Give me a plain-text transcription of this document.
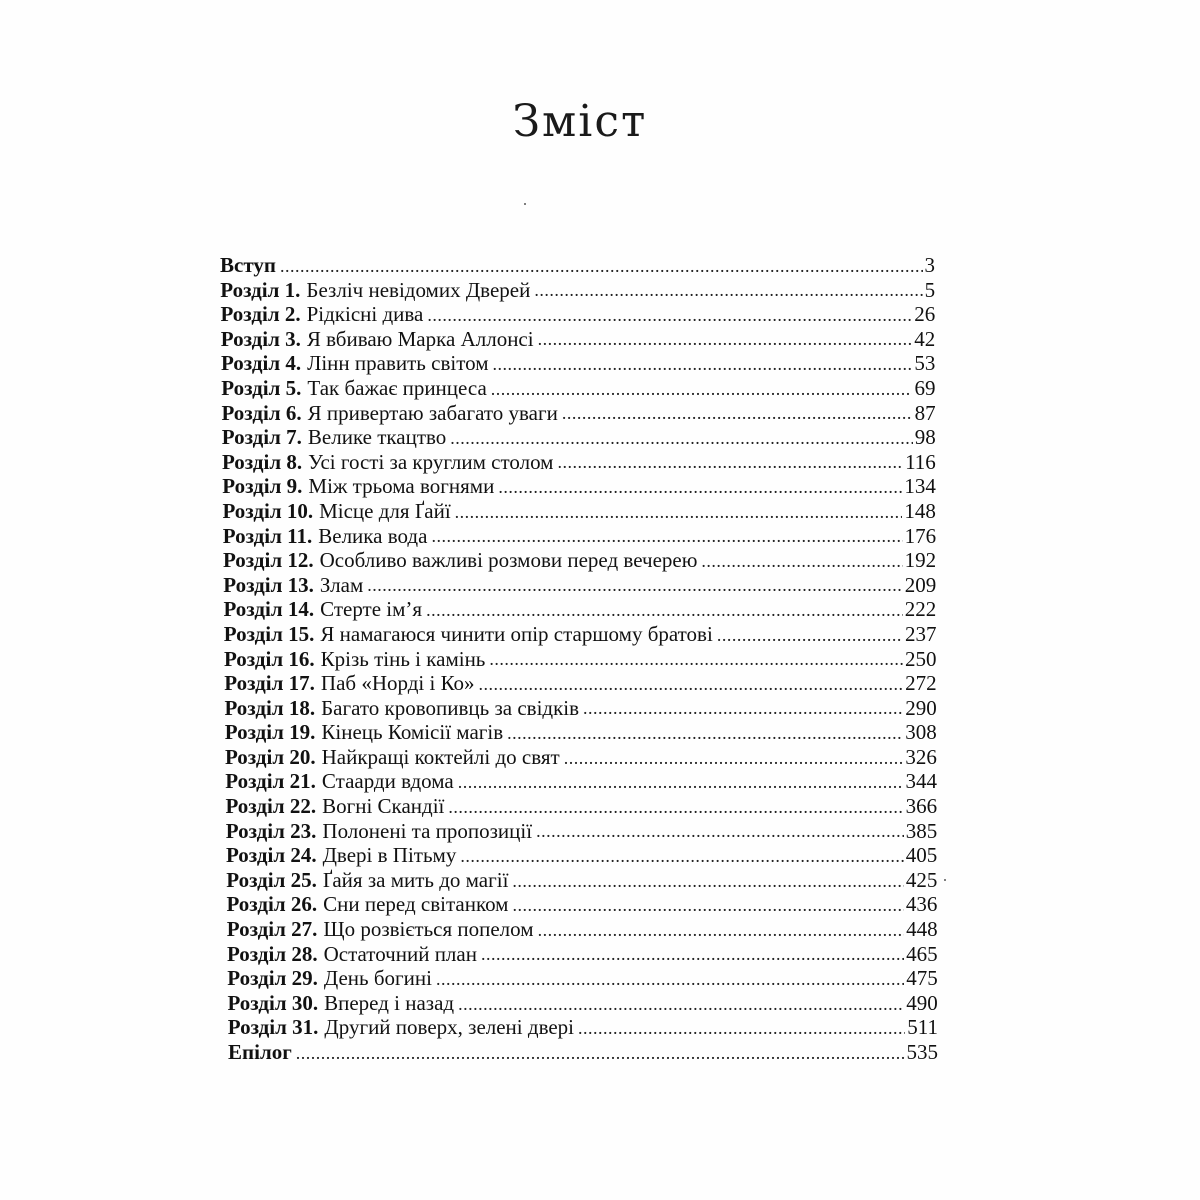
Зміст
Вступ .....	3
Розділ 1. Безліч невідомих Дверей .....	5
Розділ 2. Рідкісні дива .....	26
Розділ 3. Я вбиваю Марка Аллонсі .....	42
Розділ 4. Лінн править світом .....	53
Розділ 5. Так бажає принцеса .....	69
Розділ 6. Я привертаю забагато уваги .....	87
Розділ 7. Велике ткацтво .....	98
Розділ 8. Усі гості за круглим столом .....	116
Розділ 9. Між трьома вогнями .....	134
Розділ 10. Місце для Ґайї .....	148
Розділ 11. Велика вода .....	176
Розділ 12. Особливо важливі розмови перед вечерею .....	192
Розділ 13. Злам .....	209
Розділ 14. Стерте ім’я .....	222
Розділ 15. Я намагаюся чинити опір старшому братові .....	237
Розділ 16. Крізь тінь і камінь .....	250
Розділ 17. Паб «Норді і Ко» .....	272
Розділ 18. Багато кровопивць за свідків .....	290
Розділ 19. Кінець Комісії магів .....	308
Розділ 20. Найкращі коктейлі до свят .....	326
Розділ 21. Стаарди вдома .....	344
Розділ 22. Вогні Скандії .....	366
Розділ 23. Полонені та пропозиції .....	385
Розділ 24. Двері в Пітьму .....	405
Розділ 25. Ґайя за мить до магії .....	425
Розділ 26. Сни перед світанком .....	436
Розділ 27. Що розвіється попелом .....	448
Розділ 28. Остаточний план .....	465
Розділ 29. День богині .....	475
Розділ 30. Вперед і назад .....	490
Розділ 31. Другий поверх, зелені двері .....	511
Епілог .....	535
